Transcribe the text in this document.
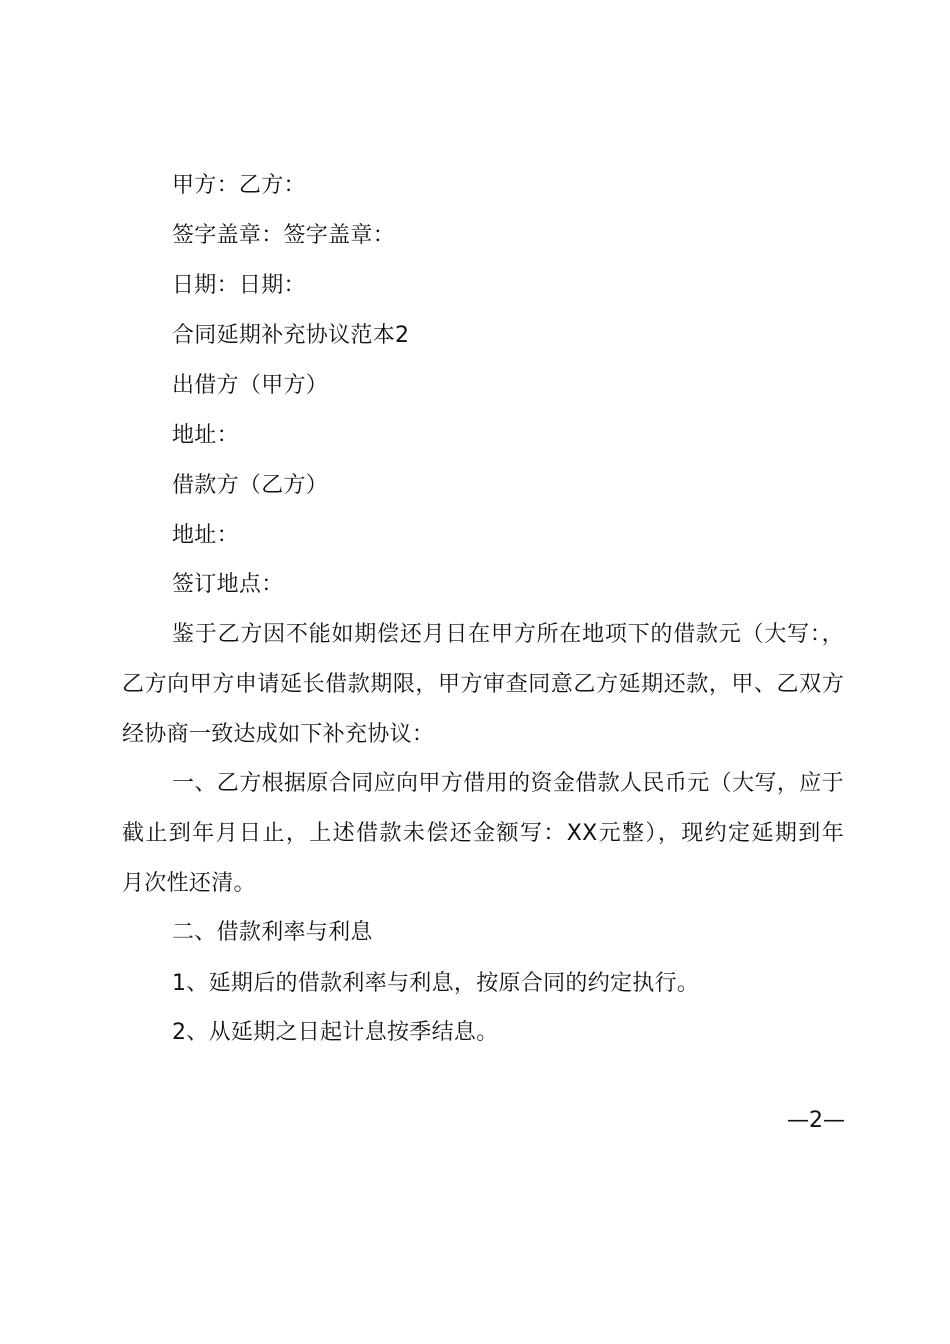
甲方：乙方：
签字盖章：签字盖章：
日期：日期：
合同延期补充协议范本2
出借方（甲方）
地址：
借款方（乙方）
地址：
签订地点：
鉴于乙方因不能如期偿还月日在甲方所在地项下的借款元（大写：，
乙方向甲方申请延长借款期限，甲方审查同意乙方延期还款，甲、乙双方
经协商一致达成如下补充协议：
一、乙方根据原合同应向甲方借用的资金借款人民币元（大写，应于
截止到年月日止，上述借款未偿还金额写：XX元整），现约定延期到年
月次性还清。
二、借款利率与利息
1、延期后的借款利率与利息，按原合同的约定执行。
2、从延期之日起计息按季结息。
—2—
